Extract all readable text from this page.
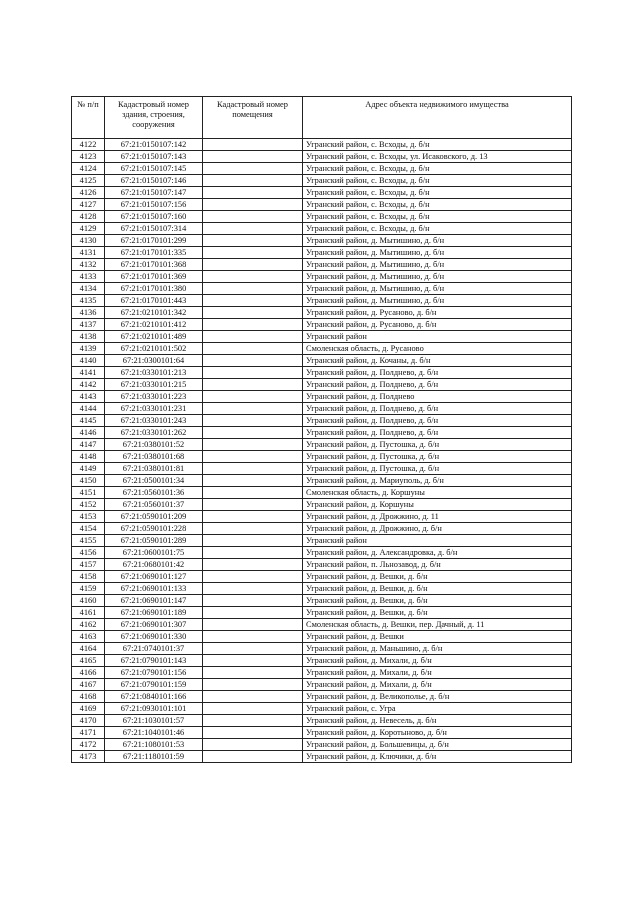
№ п/п	Кадастровый номер здания, строения, сооружения	Кадастровый номер помещения	Адрес объекта недвижимого имущества
4122	67:21:0150107:142		Угранский район, с. Всходы, д. б/н
4123	67:21:0150107:143		Угранский район, с. Всходы, ул. Исаковского, д. 13
4124	67:21:0150107:145		Угранский район, с. Всходы, д. б/н
4125	67:21:0150107:146		Угранский район, с. Всходы, д. б/н
4126	67:21:0150107:147		Угранский район, с. Всходы, д. б/н
4127	67:21:0150107:156		Угранский район, с. Всходы, д. б/н
4128	67:21:0150107:160		Угранский район, с. Всходы, д. б/н
4129	67:21:0150107:314		Угранский район, с. Всходы, д. б/н
4130	67:21:0170101:299		Угранский район, д. Мытишино, д. б/н
4131	67:21:0170101:335		Угранский район, д. Мытишино, д. б/н
4132	67:21:0170101:368		Угранский район, д. Мытишино, д. б/н
4133	67:21:0170101:369		Угранский район, д. Мытишино, д. б/н
4134	67:21:0170101:380		Угранский район, д. Мытишино, д. б/н
4135	67:21:0170101:443		Угранский район, д. Мытишино, д. б/н
4136	67:21:0210101:342		Угранский район, д. Русаново, д. б/н
4137	67:21:0210101:412		Угранский район, д. Русаново, д. б/н
4138	67:21:0210101:489		Угранский район
4139	67:21:0210101:502		Смоленская область, д. Русаново
4140	67:21:0300101:64		Угранский район, д. Кочаны, д. б/н
4141	67:21:0330101:213		Угранский район, д. Полднево, д. б/н
4142	67:21:0330101:215		Угранский район, д. Полднево, д. б/н
4143	67:21:0330101:223		Угранский район, д. Полднево
4144	67:21:0330101:231		Угранский район, д. Полднево, д. б/н
4145	67:21:0330101:243		Угранский район, д. Полднево, д. б/н
4146	67:21:0330101:262		Угранский район, д. Полднево, д. б/н
4147	67:21:0380101:52		Угранский район, д. Пустошка, д. б/н
4148	67:21:0380101:68		Угранский район, д. Пустошка, д. б/н
4149	67:21:0380101:81		Угранский район, д. Пустошка, д. б/н
4150	67:21:0500101:34		Угранский район, д. Мариуполь, д. б/н
4151	67:21:0560101:36		Смоленская область, д. Коршуны
4152	67:21:0560101:37		Угранский район, д. Коршуны
4153	67:21:0590101:209		Угранский район, д. Дрожжино, д. 11
4154	67:21:0590101:228		Угранский район, д. Дрожжино, д. б/н
4155	67:21:0590101:289		Угранский район
4156	67:21:0600101:75		Угранский район, д. Александровка, д. б/н
4157	67:21:0680101:42		Угранский район, п. Льнозавод, д. б/н
4158	67:21:0690101:127		Угранский район, д. Вешки, д. б/н
4159	67:21:0690101:133		Угранский район, д. Вешки, д. б/н
4160	67:21:0690101:147		Угранский район, д. Вешки, д. б/н
4161	67:21:0690101:189		Угранский район, д. Вешки, д. б/н
4162	67:21:0690101:307		Смоленская область, д. Вешки, пер. Дачный, д. 11
4163	67:21:0690101:330		Угранский район, д. Вешки
4164	67:21:0740101:37		Угранский район, д. Маньшино, д. б/н
4165	67:21:0790101:143		Угранский район, д. Михали, д. б/н
4166	67:21:0790101:156		Угранский район, д. Михали, д. б/н
4167	67:21:0790101:159		Угранский район, д. Михали, д. б/н
4168	67:21:0840101:166		Угранский район, д. Великополье, д. б/н
4169	67:21:0930101:101		Угранский район, с. Угра
4170	67:21:1030101:57		Угранский район, д. Невесель, д. б/н
4171	67:21:1040101:46		Угранский район, д. Коротыново, д. б/н
4172	67:21:1080101:53		Угранский район, д. Большевицы, д. б/н
4173	67:21:1180101:59		Угранский район, д. Ключики, д. б/н
